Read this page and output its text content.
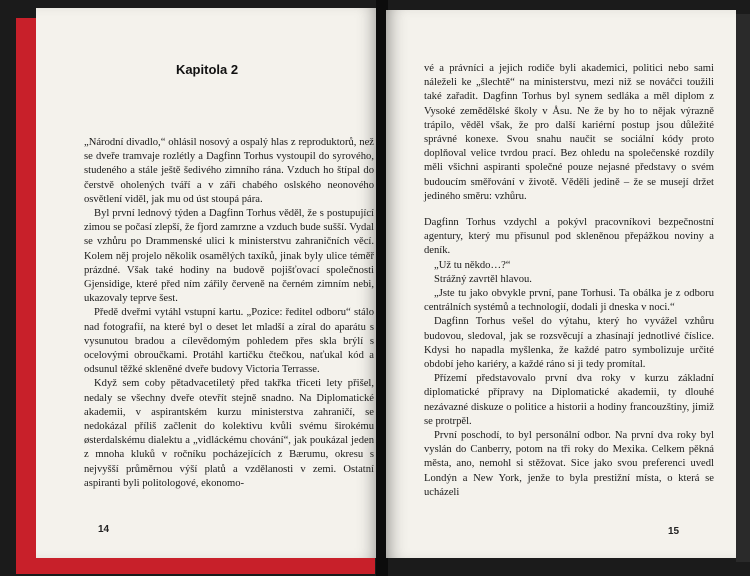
Kapitola 2

„Národní divadlo,“ ohlásil nosový a ospalý hlas z reproduktorů, než se dveře tramvaje rozlétly a Dagfinn Torhus vystoupil do syrového, studeného a stále ještě šedivého zimního rána. Vzduch ho štípal do čerstvě oholených tváří a v záři chabého oslského neonového osvětlení viděl, jak mu od úst stoupá pára.

Byl první lednový týden a Dagfinn Torhus věděl, že s postupující zimou se počasí zlepší, že fjord zamrzne a vzduch bude sušší. Vydal se vzhůru po Drammenské ulici k ministerstvu zahraničních věcí. Kolem něj projelo několik osamělých taxíků, jinak byly ulice téměř prázdné. Však také hodiny na budově pojišťovací společnosti Gjensidige, které před ním zářily červeně na černém zimním nebi, ukazovaly teprve šest.

Předě dveřmi vytáhl vstupní kartu. „Pozice: ředitel odboru“ stálo nad fotografií, na které byl o deset let mladší a zíral do aparátu s vysunutou bradou a cílevědomým pohledem přes skla brýlí s ocelovými obroučkami. Protáhl kartičku čtečkou, naťukal kód a odsunul těžké skleněné dveře budovy Victoria Terrasse.

Když sem coby pětadvacetiletý před takřka třiceti lety přišel, nedaly se všechny dveře otevřít stejně snadno. Na Diplomatické akademii, v aspirantském kurzu ministerstva zahraničí, se nedokázal příliš začlenit do kolektivu kvůli svému širokému østerdalskému dialektu a „vidláckému chování“, jak poukázal jeden z mnoha kluků v ročníku pocházejících z Bærumu, okresu s nejvyšší průměrnou výší platů a vzdělanosti v zemi. Ostatní aspiranti byli politologové, ekonomo-

14

vé a právníci a jejich rodiče byli akademici, politici nebo sami náleželi ke „šlechtě“ na ministerstvu, mezi niž se nováčci toužili také zařadit. Dagfinn Torhus byl synem sedláka a měl diplom z Vysoké zemědělské školy v Åsu. Ne že by ho to nějak výrazně trápilo, věděl však, že pro další kariérní postup jsou důležité správné konexe. Svou snahu naučit se sociální kódy proto doplňoval velice tvrdou prací. Bez ohledu na společenské rozdíly měli všichni aspiranti společné pouze nejasné představy o svém budoucím směřování v životě. Věděli jedině – že se musejí držet jediného směru: vzhůru.

Dagfinn Torhus vzdychl a pokývl pracovníkovi bezpečnostní agentury, který mu přisunul pod skleněnou přepážkou noviny a deník.

„Už tu někdo…?“

Strážný zavrtěl hlavou.

„Jste tu jako obvykle první, pane Torhusi. Ta obálka je z odboru centrálních systémů a technologií, dodali ji dneska v noci.“

Dagfinn Torhus vešel do výtahu, který ho vyvážel vzhůru budovou, sledoval, jak se rozsvěcují a zhasínají jednotlivé číslice. Kdysi ho napadla myšlenka, že každé patro symbolizuje určité období jeho kariéry, a každé ráno si ji tedy promítal.

Přízemí představovalo první dva roky v kurzu základní diplomatické přípravy na Diplomatické akademii, ty dlouhé nezávazné diskuze o politice a historii a hodiny francouzštiny, jimiž se protrpěl.

První poschodí, to byl personální odbor. Na první dva roky byl vyslán do Canberry, potom na tři roky do Mexika. Celkem pěkná města, ano, nemohl si stěžovat. Sice jako svou preferenci uvedl Londýn a New York, jenže to byla prestižní místa, o která se ucházeli

15
